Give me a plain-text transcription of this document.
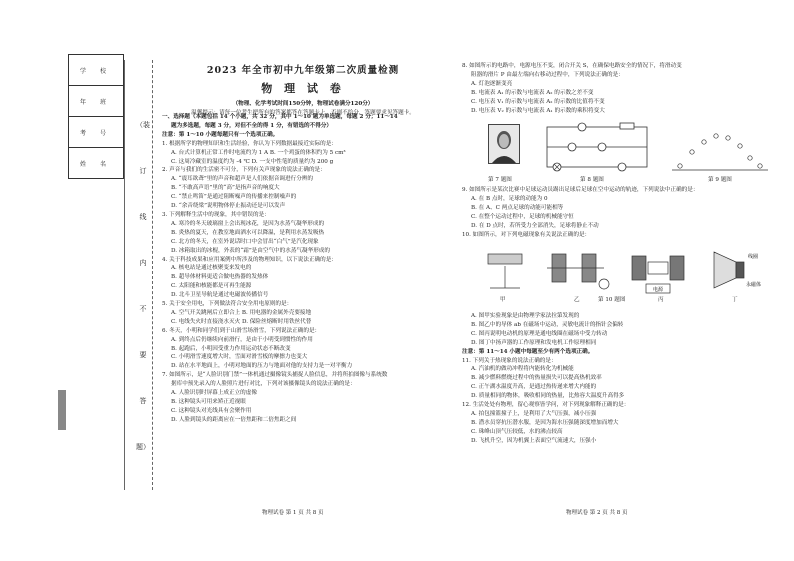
学 校
年 班
考 号
姓 名
（装
订
线
内
不
要
答
题）
2023 年全市初中九年级第二次质量检测
物 理 试 卷
（物理、化学考试时间150分钟，物理试卷满分120分）
温馨提示：请每一位考生把所有的答案都答在答题卡上，否则不给分，答题要求见答题卡。

一、选择题（本题包括 14 个小题，共 32 分，其中 1～10 题为单选题，每题 2 分；11～14

题为多选题，每题 3 分，对但不全的得 1 分，有错选的不得分）

注意：第 1～10 小题每题只有一个选项正确。

1. 根据所学的物理知识和生活经验，你认为下列数据最接近实际的是：

A. 台式计算机正常工作时电流约为 1 A B. 一个鸡蛋的体积约为 5 cm³

C. 这周冷藏室的温度约为 -4 ℃ D. 一支中性笔的质量约为 200 g

2. 声音与我们的生活密不可分，下列有关声现象的说法正确的是：

A. “震耳欲聋”里的声音和超声是人们依据音调进行分辨的

B. “不敢高声语”里的“高”是指声音的响度大

C. “禁止鸣笛”是通过阻断噪声的传播来控制噪声的

D. “余音绕梁”说明物体停止振动还是可以发声

3. 下列解释生活中的现象，其中错误的是：

A. 寒冷的冬天玻璃窗上会出现冰花，是因为水蒸气凝华形成的

B. 炎热的夏天，在教室地面洒水可以降温，是利用水蒸发吸热

C. 北方的冬天，在室外说话时口中会冒出“白气”是汽化现象

D. 冰箱取出的冰棍，外表的“霜”是由空气中的水蒸气凝华形成的

4. 关于科技成果和应用案例中所涉及的物理知识，以下说法正确的是：

A. 核电站是通过核聚变来发电的

B. 超导体材料更适合做电热器的发热体

C. 太阳能和核能都是可再生能源

D. 北斗卫星导航是通过电磁波传播信号

5. 关于安全用电，下列做法符合安全用电原则的是：

A. 空气开关跳闸后立即合上 B. 用电器的金属外壳要接地

C. 电线失火时直接浇水灭火 D. 保险丝熔断时用铁丝代替

6. 冬天，小明和同学们到于山滑雪场滑雪，下列说法正确的是：

A. 到终点后仍继续向前滑行，是由于小明受到惯性的作用

B. 起跑后，小明因受重力作用运动状态不断改变

C. 小明滑雪速度增大时，雪面对滑雪板的摩擦力也变大

D. 站在水平地面上，小明对地面的压力与地面对他的支持力是一对平衡力

7. 如图所示，是“人脸识别门禁”一体机通过摄像镜头捕捉人脸信息，并将所拍图像与系统数

据库中预先录入的人脸照片进行对比，下列对该摄像镜头的说法正确的是：

A. 人脸识别时屏幕上成正立的虚像

B. 这种镜头可用来矫正近视眼

C. 这种镜头对光线具有会聚作用

D. 人脸到镜头的距离应在一倍焦距和二倍焦距之间

8. 如图所示的电路中，电源电压不变，闭合开关 S，在确保电路安全的情况下，将滑动变

阻器的滑片 P 由最左端向右移动过程中，下列说法正确的是：

A. 灯泡逐渐变亮

B. 电流表 A₁ 的示数与电流表 A₂ 的示数之差不变

C. 电压表 V₁ 的示数与电流表 A₂ 的示数的比值将不变

D. 电压表 V₂ 的示数与电流表 A₁ 的示数的乘积将变大

第 7 题图	第 8 题图	第 9 题图

9. 如图所示是某次比赛中足球运动员踢出足球后足球在空中运动的轨迹，下列说法中正确的是：

A. 在 B 点时，足球的动能为 0

B. 在 A、C 两点足球的动能可能相等

C. 在整个运动过程中，足球的机械能守恒

D. 在 D 点时，若所受力全部消失，足球将静止不动

10. 如图所示，对下列电磁现象有关说法正确的是：

甲	乙	第 10 题图
电源
丙
线圈
永磁体
丁

A. 图甲实验现象是由物理学家法拉第发现的

B. 图乙中的导体 ab 在磁场中运动，灵敏电流计的指针会偏转

C. 图丙说明电动机的原理是通电线圈在磁场中受力转动

D. 图丁中扬声器的工作原理和发电机工作原理相同

注意：第 11～14 小题中每题至少有两个选项正确。

11. 下列关于热现象的说法正确的是：

A. 汽油机的做功冲程将内能转化为机械能

B. 减少燃料燃烧过程中的热量损失可以提高热机效率

C. 正午湖水温度升高，是通过热传递来增大内能的

D. 质量相同的物体，吸收相同的热量，比热容大温度升高得多

12. 生活处处有物理，留心观察皆学问，对下列现象解释正确的是：

A. 拍包撞篮撞子上，是利用了大气压强，减小压强

B. 潜水员穿抗压潜水服，是因为海水压强随深度增加而增大

C. 珠峰山顶气压较低，水的沸点较高

D. 飞机升空，因为机翼上表面空气流速大，压强小

物理试卷 第 1 页 共 8 页	物理试卷 第 2 页 共 8 页
